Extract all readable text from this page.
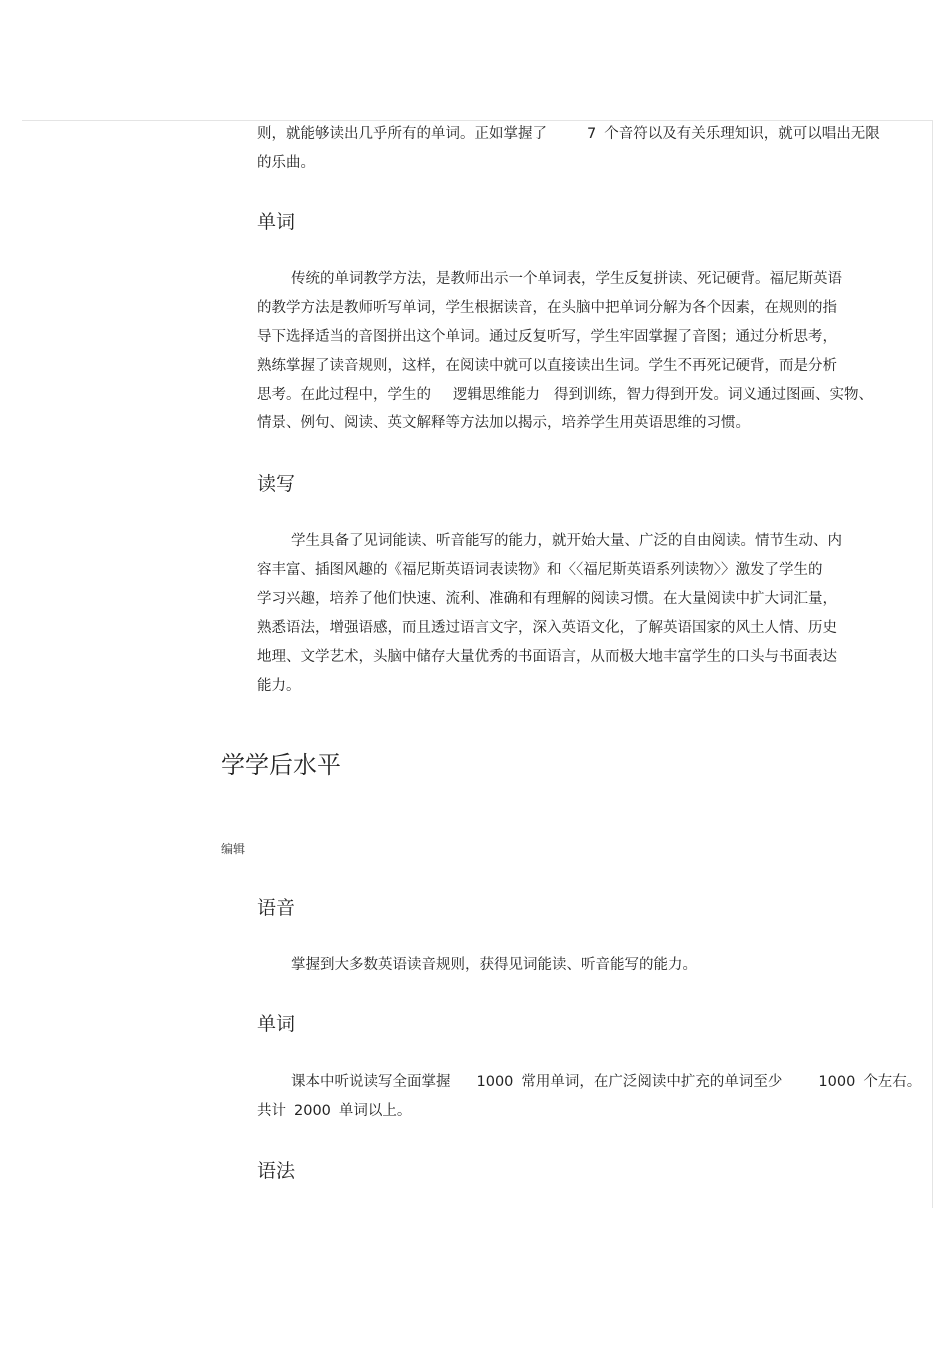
则，就能够读出几乎所有的单词。正如掌握了	7 个音符以及有关乐理知识，就可以唱出无限
的乐曲。
单词
传统的单词教学方法，是教师出示一个单词表，学生反复拼读、死记硬背。福尼斯英语
的教学方法是教师听写单词，学生根据读音，在头脑中把单词分解为各个因素，在规则的指
导下选择适当的音图拼出这个单词。通过反复听写，学生牢固掌握了音图；通过分析思考，
熟练掌握了读音规则，这样，在阅读中就可以直接读出生词。学生不再死记硬背，而是分析
思考。在此过程中，学生的 逻辑思维能力 得到训练，智力得到开发。词义通过图画、实物、
情景、例句、阅读、英文解释等方法加以揭示，培养学生用英语思维的习惯。
读写
学生具备了见词能读、听音能写的能力，就开始大量、广泛的自由阅读。情节生动、内
容丰富、插图风趣的《福尼斯英语词表读物》和〈〈福尼斯英语系列读物〉〉激发了学生的
学习兴趣，培养了他们快速、流利、准确和有理解的阅读习惯。在大量阅读中扩大词汇量，
熟悉语法，增强语感，而且透过语言文字，深入英语文化，了解英语国家的风土人情、历史
地理、文学艺术，头脑中储存大量优秀的书面语言，从而极大地丰富学生的口头与书面表达
能力。
学学后水平
编辑
语音
掌握到大多数英语读音规则，获得见词能读、听音能写的能力。
单词
课本中听说读写全面掌握 1000 常用单词，在广泛阅读中扩充的单词至少 1000 个左右。
共计 2000 单词以上。
语法
